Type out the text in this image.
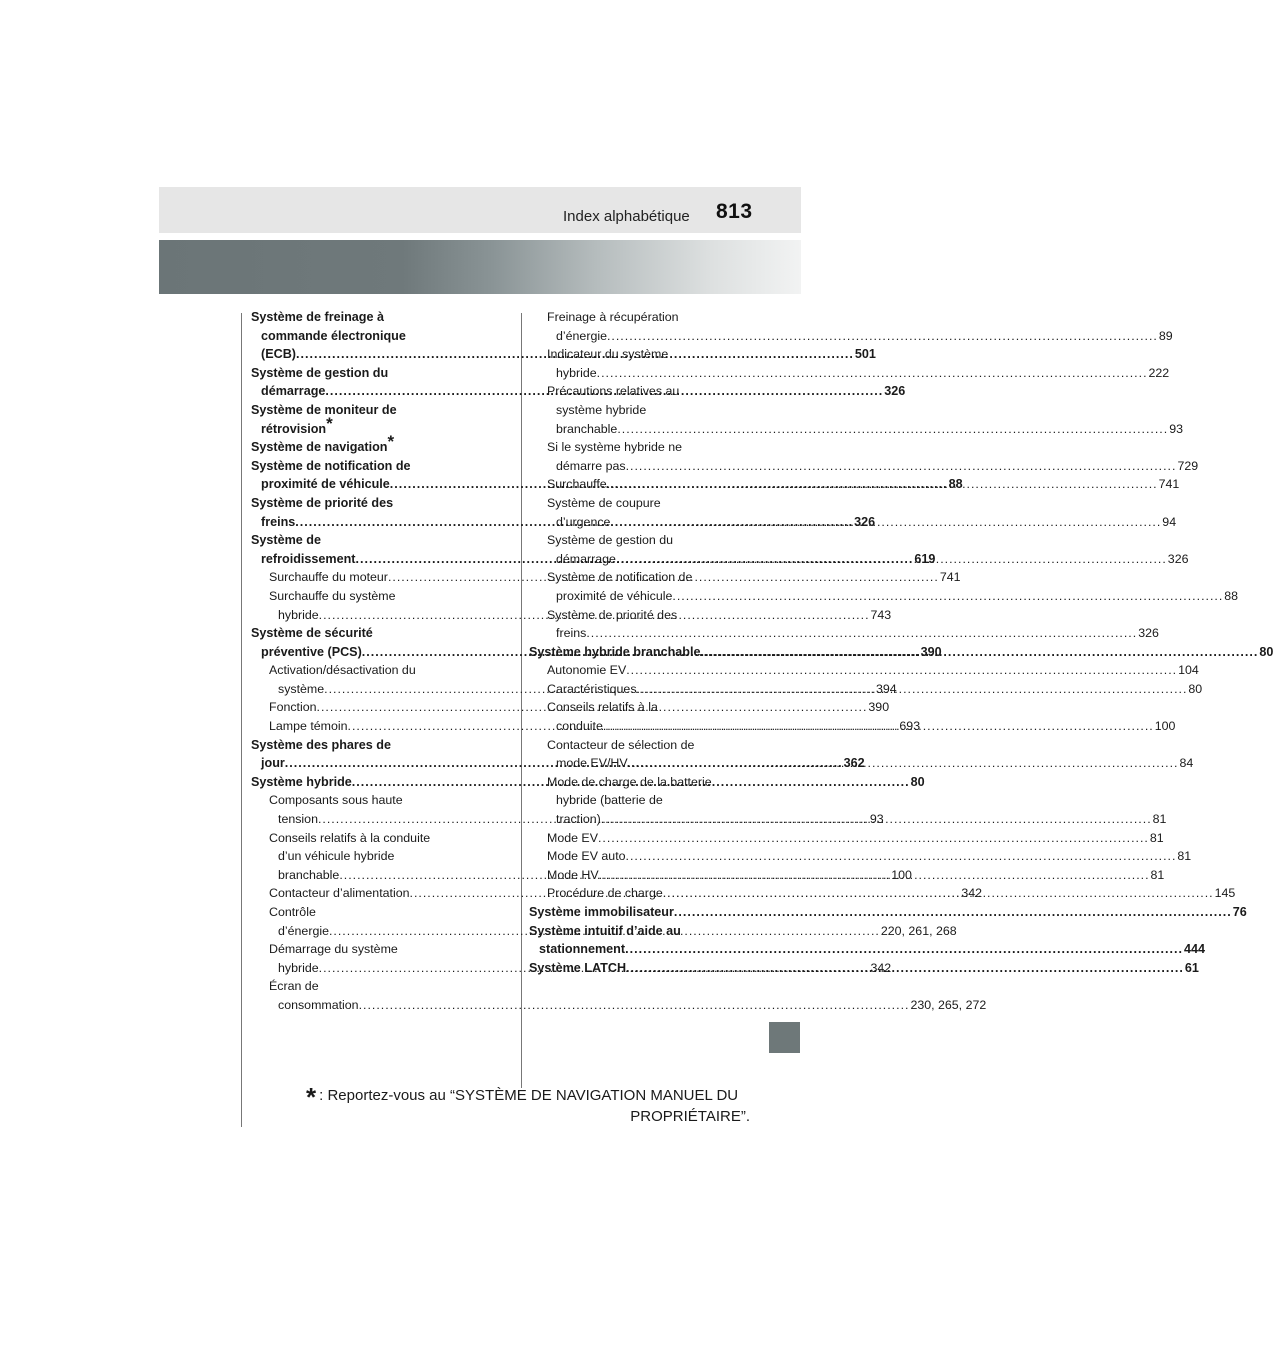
Index alphabétique 813
Système de freinage à
commande électronique
(ECB) .....	501
Système de gestion du
démarrage .....	326
Système de moniteur de
rétrovision*
Système de navigation*
Système de notification de
proximité de véhicule .....	88
Système de priorité des
freins .....	326
Système de
refroidissement .....	619
Surchauffe du moteur .....	741
Surchauffe du système
hybride .....	743
Système de sécurité
préventive (PCS) .....	390
Activation/désactivation du
système .....	394
Fonction .....	390
Lampe témoin .....	693
Système des phares de
jour .....	362
Système hybride .....	80
Composants sous haute
tension .....	93
Conseils relatifs à la conduite
d’un véhicule hybride
branchable .....	100
Contacteur d’alimentation .....	342
Contrôle
d’énergie .....	220, 261, 268
Démarrage du système
hybride .....	342
Écran de
consommation .....	230, 265, 272
Freinage à récupération
d’énergie .....	89
Indicateur du système
hybride .....	222
Précautions relatives au
système hybride
branchable .....	93
Si le système hybride ne
démarre pas .....	729
Surchauffe .....	741
Système de coupure
d’urgence .....	94
Système de gestion du
démarrage .....	326
Système de notification de
proximité de véhicule .....	88
Système de priorité des
freins .....	326
Système hybride branchable .....	80
Autonomie EV .....	104
Caractéristiques .....	80
Conseils relatifs à la
conduite .....	100
Contacteur de sélection de
mode EV/HV .....	84
Mode de charge de la batterie
hybride (batterie de
traction) .....	81
Mode EV .....	81
Mode EV auto .....	81
Mode HV .....	81
Procédure de charge .....	145
Système immobilisateur .....	76
Système intuitif d’aide au
stationnement .....	444
Système LATCH .....	61
* : Reportez-vous au “SYSTÈME DE NAVIGATION MANUEL DU
PROPRIÉTAIRE”.
